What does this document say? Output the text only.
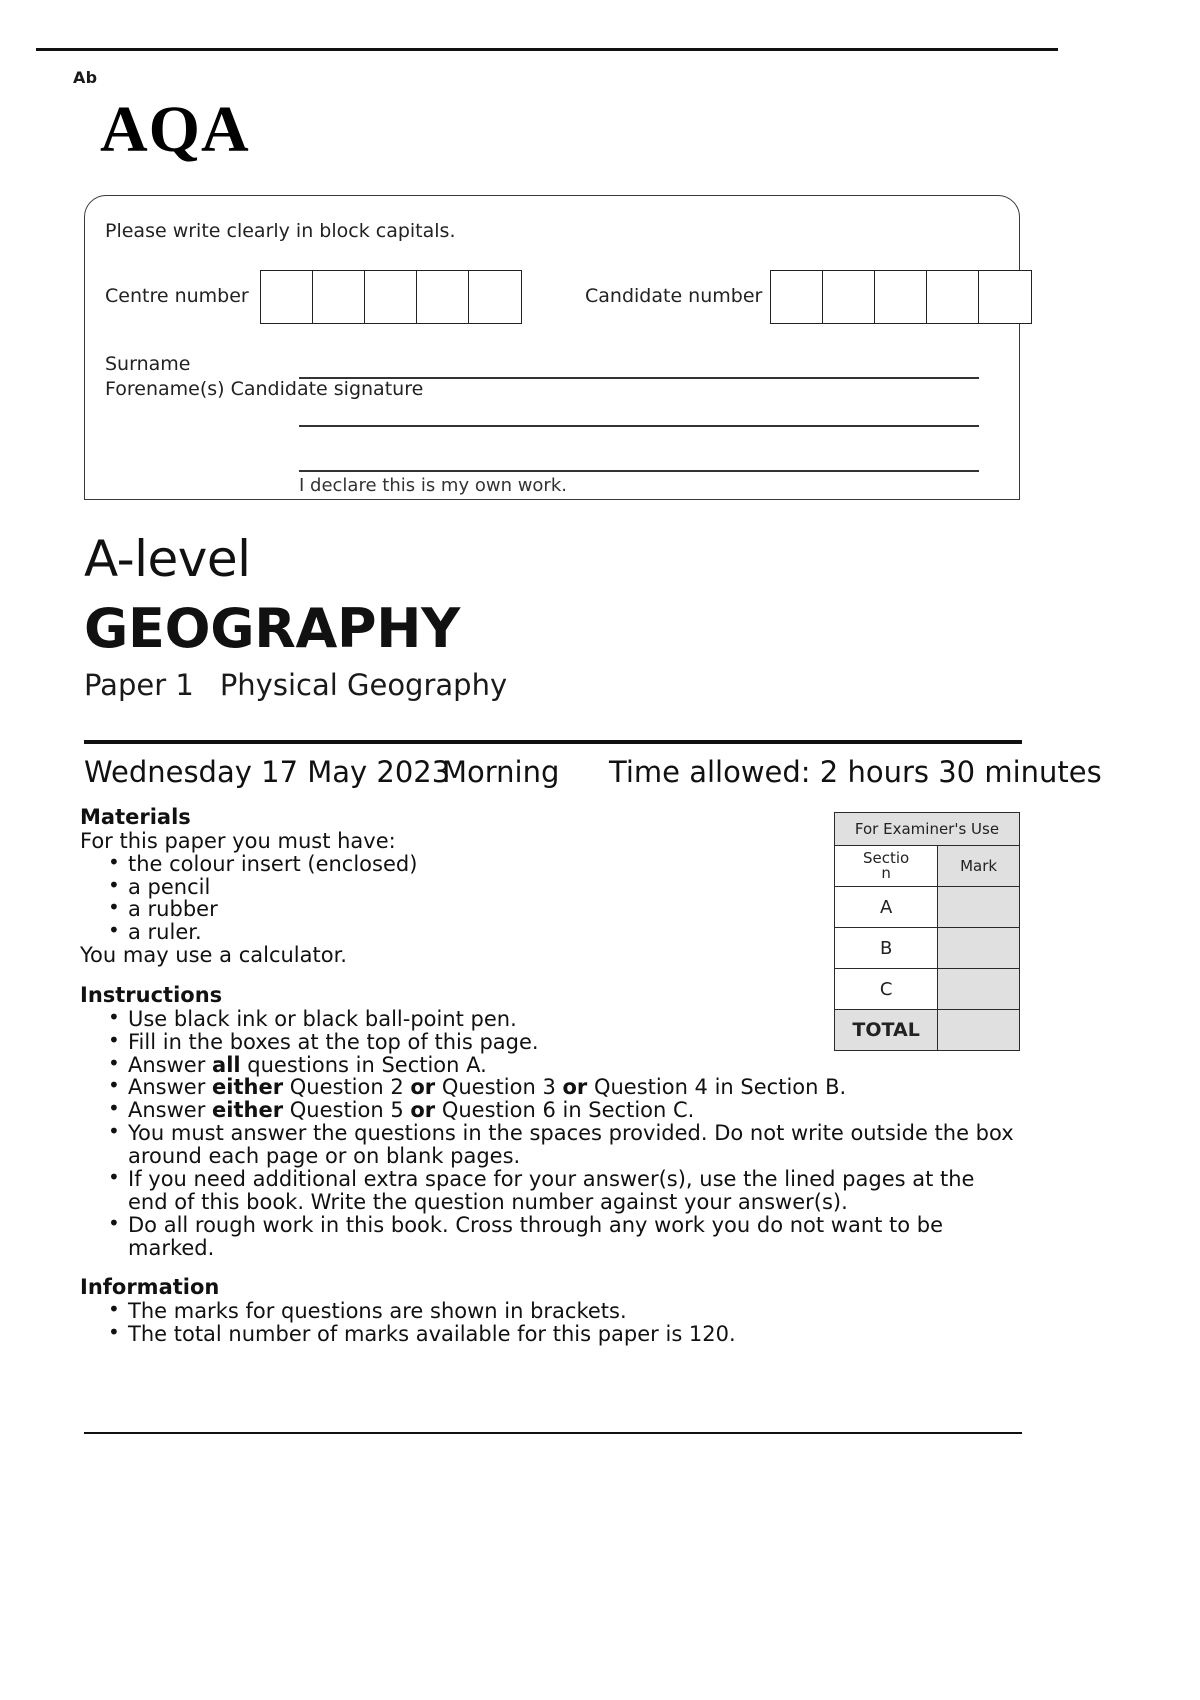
Ab
AQA
Please write clearly in block capitals.
Centre number	Candidate number
Surname
Forename(s) Candidate signature
I declare this is my own work.
A-level
GEOGRAPHY
Paper 1 Physical Geography
Wednesday 17 May 2023
Morning Time allowed: 2 hours 30 minutes
For Examiner's Use	
Sectio n	Mark
A	
B	
C	
TOTAL	
Materials
For this paper you must have:
• the colour insert (enclosed)
• a pencil
• a rubber
• a ruler.
You may use a calculator.
Instructions
• Use black ink or black ball-point pen.
• Fill in the boxes at the top of this page.
• Answer all questions in Section A.
• Answer either Question 2 or Question 3 or Question 4 in Section B.
• Answer either Question 5 or Question 6 in Section C.
• You must answer the questions in the spaces provided. Do not write outside the box around each page or on blank pages.
• If you need additional extra space for your answer(s), use the lined pages at the end of this book. Write the question number against your answer(s).
• Do all rough work in this book. Cross through any work you do not want to be marked.
Information
• The marks for questions are shown in brackets.
• The total number of marks available for this paper is 120.
